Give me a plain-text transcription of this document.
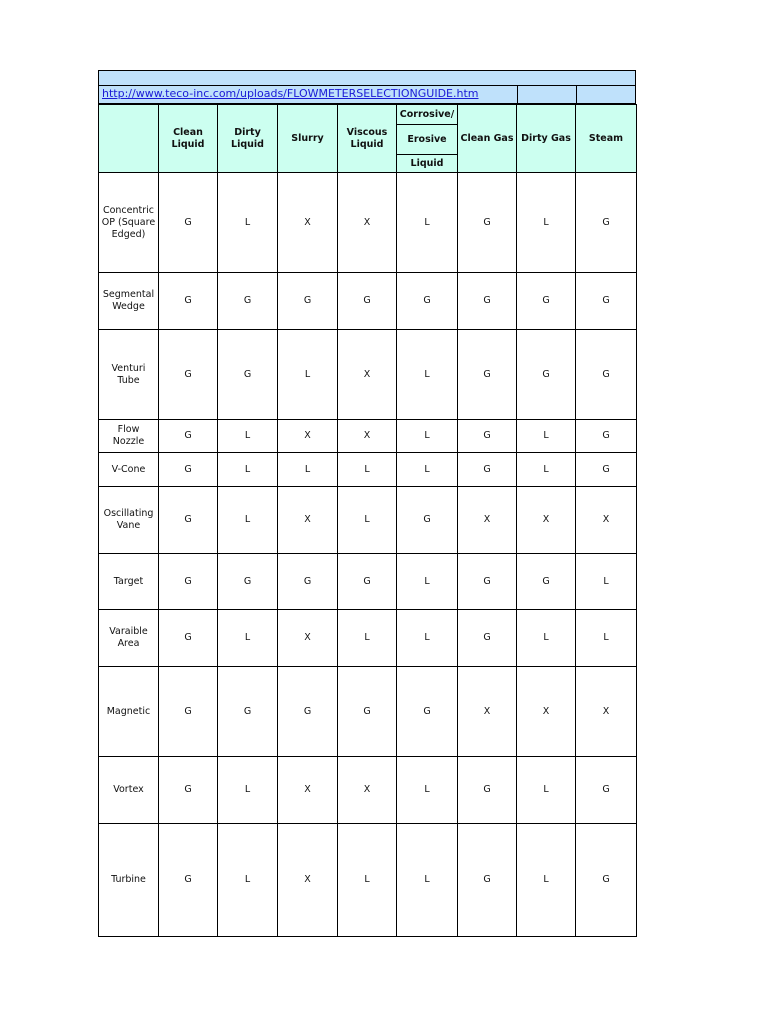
http://www.teco-inc.com/uploads/FLOWMETERSELECTIONGUIDE.htm
	Clean Liquid	Dirty Liquid	Slurry	Viscous Liquid	Corrosive/
Erosive
Liquid	Clean Gas	Dirty Gas	Steam
Concentric OP (Square Edged)	G	L	X	X	L	G	L	G
Segmental Wedge	G	G	G	G	G	G	G	G
Venturi Tube	G	G	L	X	L	G	G	G
Flow Nozzle	G	L	X	X	L	G	L	G
V-Cone	G	L	L	L	L	G	L	G
Oscillating Vane	G	L	X	L	G	X	X	X
Target	G	G	G	G	L	G	G	L
Varaible Area	G	L	X	L	L	G	L	L
Magnetic	G	G	G	G	G	X	X	X
Vortex	G	L	X	X	L	G	L	G
Turbine	G	L	X	L	L	G	L	G
